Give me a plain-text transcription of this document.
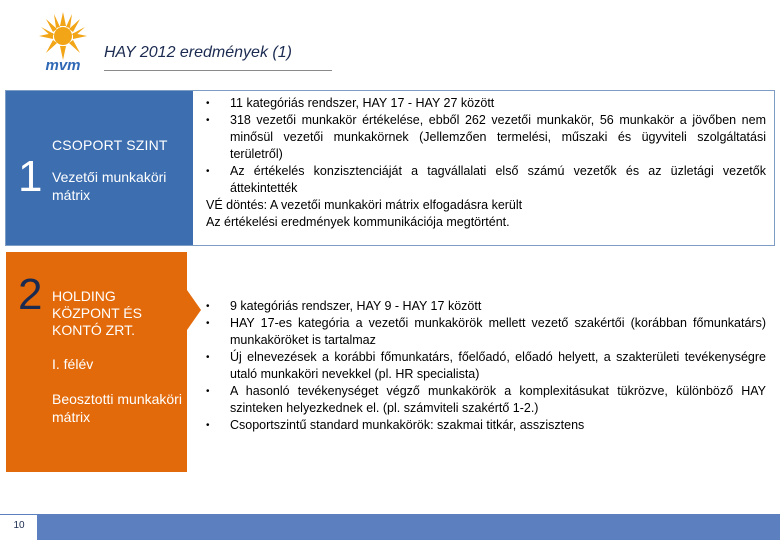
mvm
HAY 2012 eredmények (1)
1
CSOPORT SZINT
Vezetői munkaköri mátrix
• 11 kategóriás rendszer, HAY 17 - HAY 27 között
• 318 vezetői munkakör értékelése, ebből 262 vezetői munkakör, 56 munkakör a jövőben nem minősül vezetői munkakörnek (Jellemzően termelési, műszaki és ügyviteli szolgáltatási területről)
• Az értékelés konzisztenciáját a tagvállalati első számú vezetők és az üzletági vezetők áttekintették
VÉ döntés: A vezetői munkaköri mátrix elfogadásra került
Az értékelési eredmények kommunikációja megtörtént.
2 HOLDING KÖZPONT ÉS KONTÓ ZRT.
I. félév
Beosztotti munkaköri mátrix
• 9 kategóriás rendszer, HAY 9 - HAY 17 között
• HAY 17-es kategória a vezetői munkakörök mellett vezető szakértői (korábban főmunkatárs) munkaköröket is tartalmaz
• Új elnevezések a korábbi főmunkatárs, főelőadó, előadó helyett, a szakterületi tevékenységre utaló munkaköri nevekkel (pl. HR specialista)
• A hasonló tevékenységet végző munkakörök a komplexitásukat tükrözve, különböző HAY szinteken helyezkednek el. (pl. számviteli szakértő 1-2.)
• Csoportszintű standard munkakörök: szakmai titkár, asszisztens
10
